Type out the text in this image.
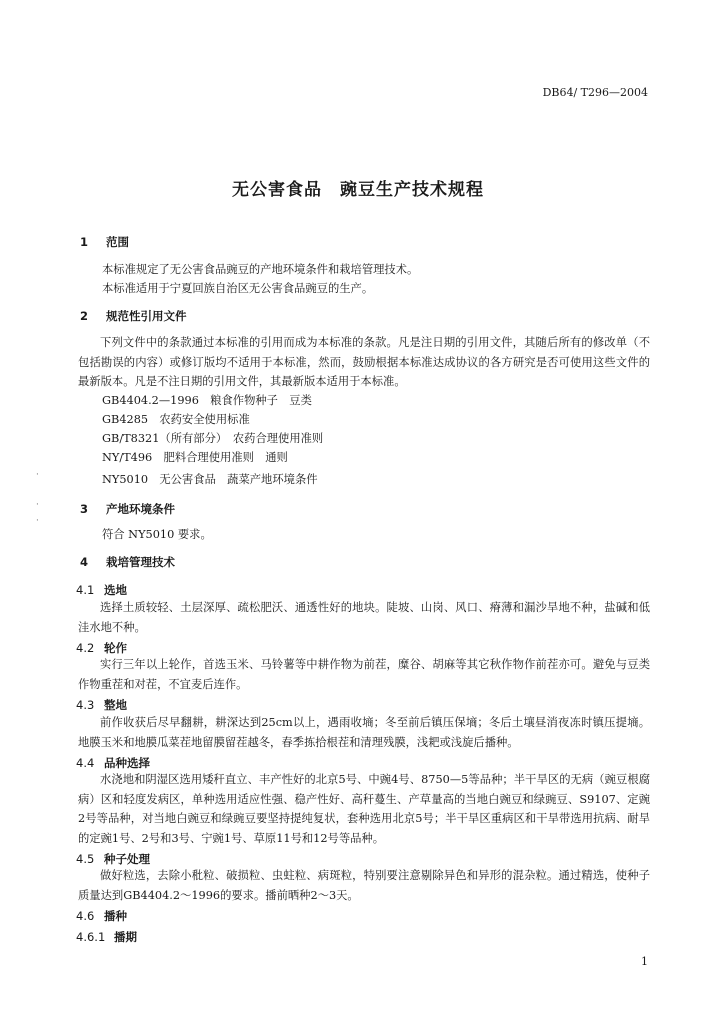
DB64/ T296—2004
无公害食品　豌豆生产技术规程
1 范围
本标准规定了无公害食品豌豆的产地环境条件和栽培管理技术。
本标准适用于宁夏回族自治区无公害食品豌豆的生产。
2 规范性引用文件
下列文件中的条款通过本标准的引用而成为本标准的条款。凡是注日期的引用文件，其随后所有的修改单（不包括勘误的内容）或修订版均不适用于本标准，然而，鼓励根据本标准达成协议的各方研究是否可使用这些文件的最新版本。凡是不注日期的引用文件，其最新版本适用于本标准。
GB4404.2—1996　粮食作物种子　豆类
GB4285　农药安全使用标准
GB/T8321（所有部分）　农药合理使用准则
NY/T496　肥料合理使用准则　通则
NY5010　无公害食品　蔬菜产地环境条件
3 产地环境条件
符合 NY5010 要求。
4 栽培管理技术
4.1 选地
选择土质较轻、土层深厚、疏松肥沃、通透性好的地块。陡坡、山岗、风口、瘠薄和漏沙旱地不种，盐碱和低洼水地不种。
4.2 轮作
实行三年以上轮作，首选玉米、马铃薯等中耕作物为前茬，糜谷、胡麻等其它秋作物作前茬亦可。避免与豆类作物重茬和对茬，不宜麦后连作。
4.3 整地
前作收获后尽早翻耕，耕深达到25cm以上，遇雨收墒；冬至前后镇压保墒；冬后土壤昼消夜冻时镇压提墒。地膜玉米和地膜瓜菜茬地留膜留茬越冬，春季拣拾根茬和清理残膜，浅耙或浅旋后播种。
4.4 品种选择
水浇地和阴湿区选用矮秆直立、丰产性好的北京5号、中豌4号、8750—5等品种；半干旱区的无病（豌豆根腐病）区和轻度发病区，单种选用适应性强、稳产性好、高秆蔓生、产草量高的当地白豌豆和绿豌豆、S9107、定豌2号等品种，对当地白豌豆和绿豌豆要坚持提纯复状，套种选用北京5号；半干旱区重病区和干旱带选用抗病、耐旱的定豌1号、2号和3号、宁豌1号、草原11号和12号等品种。
4.5 种子处理
做好粒选，去除小秕粒、破损粒、虫蛀粒、病斑粒，特别要注意剔除异色和异形的混杂粒。通过精选，使种子质量达到GB4404.2～1996的要求。播前晒种2～3天。
4.6 播种
4.6.1 播期
1
·
·
·
